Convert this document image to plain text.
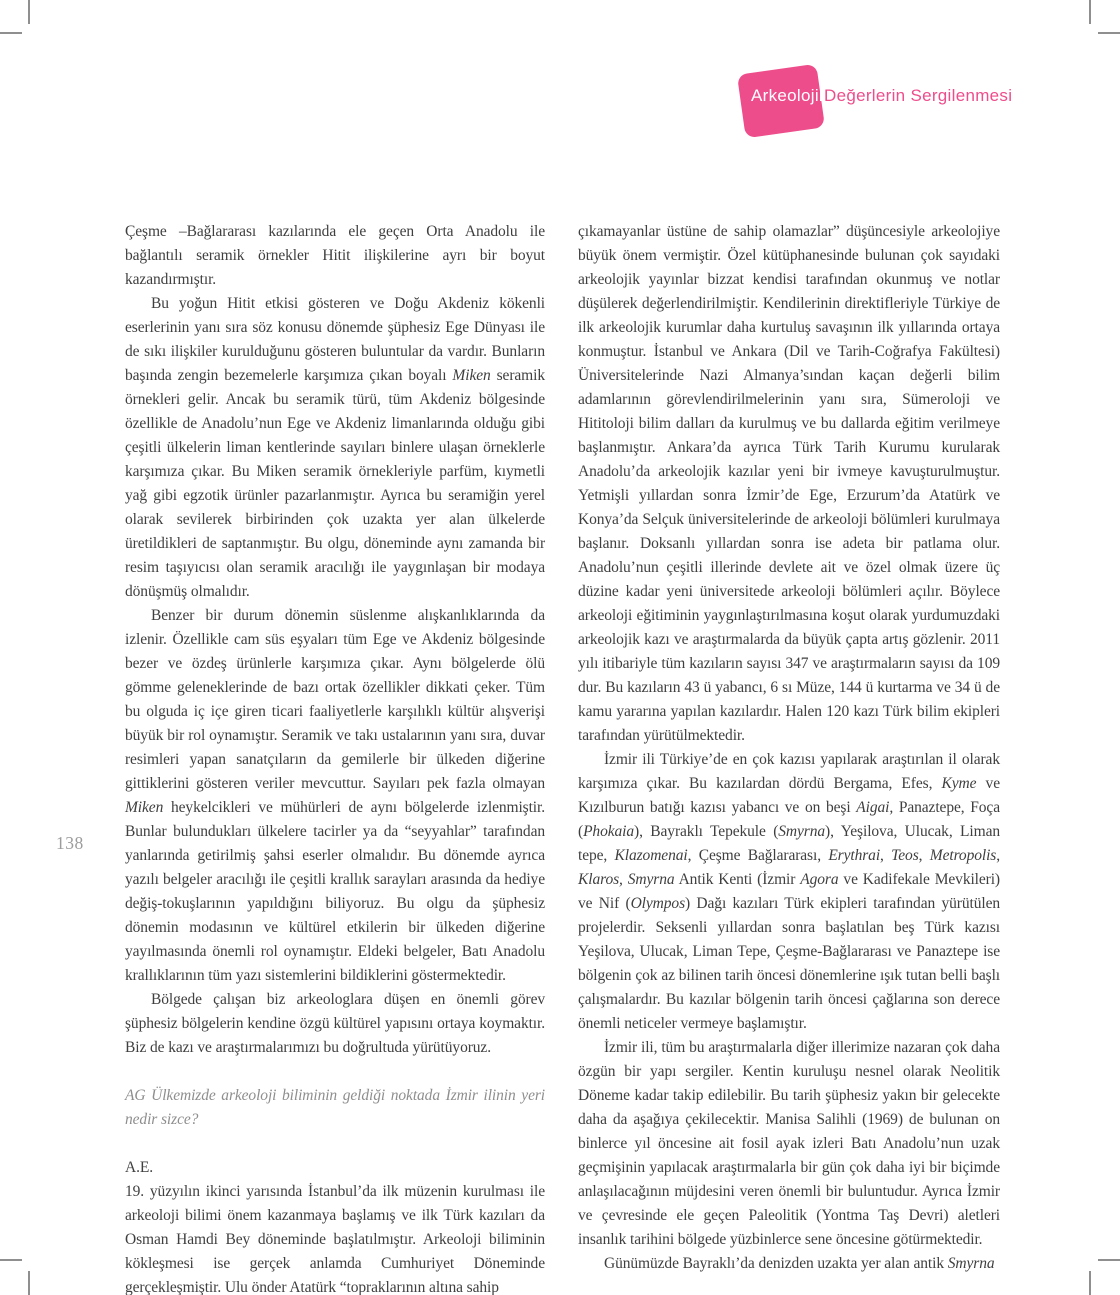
Arkeolojik
Değerlerin Sergilenmesi
138

Çeşme –Bağlararası kazılarında ele geçen Orta Anadolu ile bağlantılı seramik örnekler Hitit ilişkilerine ayrı bir boyut kazandırmıştır.

Bu yoğun Hitit etkisi gösteren ve Doğu Akdeniz kökenli eserlerinin yanı sıra söz konusu dönemde şüphesiz Ege Dünyası ile de sıkı ilişkiler kurulduğunu gösteren buluntular da vardır. Bunların başında zengin bezemelerle karşımıza çıkan boyalı Miken seramik örnekleri gelir. Ancak bu seramik türü, tüm Akdeniz bölgesinde özellikle de Anadolu’nun Ege ve Akdeniz limanlarında olduğu gibi çeşitli ülkelerin liman kentlerinde sayıları binlere ulaşan örneklerle karşımıza çıkar. Bu Miken seramik örnekleriyle parfüm, kıymetli yağ gibi egzotik ürünler pazarlanmıştır. Ayrıca bu seramiğin yerel olarak sevilerek birbirinden çok uzakta yer alan ülkelerde üretildikleri de saptanmıştır. Bu olgu, döneminde aynı zamanda bir resim taşıyıcısı olan seramik aracılığı ile yaygınlaşan bir modaya dönüşmüş olmalıdır.

Benzer bir durum dönemin süslenme alışkanlıklarında da izlenir. Özellikle cam süs eşyaları tüm Ege ve Akdeniz bölgesinde bezer ve özdeş ürünlerle karşımıza çıkar. Aynı bölgelerde ölü gömme geleneklerinde de bazı ortak özellikler dikkati çeker. Tüm bu olguda iç içe giren ticari faaliyetlerle karşılıklı kültür alışverişi büyük bir rol oynamıştır. Seramik ve takı ustalarının yanı sıra, duvar resimleri yapan sanatçıların da gemilerle bir ülkeden diğerine gittiklerini gösteren veriler mevcuttur. Sayıları pek fazla olmayan Miken heykelcikleri ve mühürleri de aynı bölgelerde izlenmiştir. Bunlar bulundukları ülkelere tacirler ya da “seyyahlar” tarafından yanlarında getirilmiş şahsi eserler olmalıdır. Bu dönemde ayrıca yazılı belgeler aracılığı ile çeşitli krallık sarayları arasında da hediye değiş-tokuşlarının yapıldığını biliyoruz. Bu olgu da şüphesiz dönemin modasının ve kültürel etkilerin bir ülkeden diğerine yayılmasında önemli rol oynamıştır. Eldeki belgeler, Batı Anadolu krallıklarının tüm yazı sistemlerini bildiklerini göstermektedir.

Bölgede çalışan biz arkeologlara düşen en önemli görev şüphesiz bölgelerin kendine özgü kültürel yapısını ortaya koymaktır. Biz de kazı ve araştırmalarımızı bu doğrultuda yürütüyoruz.

AG Ülkemizde arkeoloji biliminin geldiği noktada İzmir ilinin yeri nedir sizce?

A.E.

19. yüzyılın ikinci yarısında İstanbul’da ilk müzenin kurulması ile arkeoloji bilimi önem kazanmaya başlamış ve ilk Türk kazıları da Osman Hamdi Bey döneminde başlatılmıştır. Arkeoloji biliminin kökleşmesi ise gerçek anlamda Cumhuriyet Döneminde gerçekleşmiştir. Ulu önder Atatürk “topraklarının altına sahip

çıkamayanlar üstüne de sahip olamazlar” düşüncesiyle arkeolojiye büyük önem vermiştir. Özel kütüphanesinde bulunan çok sayıdaki arkeolojik yayınlar bizzat kendisi tarafından okunmuş ve notlar düşülerek değerlendirilmiştir. Kendilerinin direktifleriyle Türkiye de ilk arkeolojik kurumlar daha kurtuluş savaşının ilk yıllarında ortaya konmuştur. İstanbul ve Ankara (Dil ve Tarih-Coğrafya Fakültesi) Üniversitelerinde Nazi Almanya’sından kaçan değerli bilim adamlarının görevlendirilmelerinin yanı sıra, Sümeroloji ve Hititoloji bilim dalları da kurulmuş ve bu dallarda eğitim verilmeye başlanmıştır. Ankara’da ayrıca Türk Tarih Kurumu kurularak Anadolu’da arkeolojik kazılar yeni bir ivmeye kavuşturulmuştur. Yetmişli yıllardan sonra İzmir’de Ege, Erzurum’da Atatürk ve Konya’da Selçuk üniversitelerinde de arkeoloji bölümleri kurulmaya başlanır. Doksanlı yıllardan sonra ise adeta bir patlama olur. Anadolu’nun çeşitli illerinde devlete ait ve özel olmak üzere üç düzine kadar yeni üniversitede arkeoloji bölümleri açılır. Böylece arkeoloji eğitiminin yaygınlaştırılmasına koşut olarak yurdumuzdaki arkeolojik kazı ve araştırmalarda da büyük çapta artış gözlenir. 2011 yılı itibariyle tüm kazıların sayısı 347 ve araştırmaların sayısı da 109 dur. Bu kazıların 43 ü yabancı, 6 sı Müze, 144 ü kurtarma ve 34 ü de kamu yararına yapılan kazılardır. Halen 120 kazı Türk bilim ekipleri tarafından yürütülmektedir.

İzmir ili Türkiye’de en çok kazısı yapılarak araştırılan il olarak karşımıza çıkar. Bu kazılardan dördü Bergama, Efes, Kyme ve Kızılburun batığı kazısı yabancı ve on beşi Aigai, Panaztepe, Foça (Phokaia), Bayraklı Tepekule (Smyrna), Yeşilova, Ulucak, Liman tepe, Klazomenai, Çeşme Bağlararası, Erythrai, Teos, Metropolis, Klaros, Smyrna Antik Kenti (İzmir Agora ve Kadifekale Mevkileri) ve Nif (Olympos) Dağı kazıları Türk ekipleri tarafından yürütülen projelerdir. Seksenli yıllardan sonra başlatılan beş Türk kazısı Yeşilova, Ulucak, Liman Tepe, Çeşme-Bağlararası ve Panaztepe ise bölgenin çok az bilinen tarih öncesi dönemlerine ışık tutan belli başlı çalışmalardır. Bu kazılar bölgenin tarih öncesi çağlarına son derece önemli neticeler vermeye başlamıştır.

İzmir ili, tüm bu araştırmalarla diğer illerimize nazaran çok daha özgün bir yapı sergiler. Kentin kuruluşu nesnel olarak Neolitik Döneme kadar takip edilebilir. Bu tarih şüphesiz yakın bir gelecekte daha da aşağıya çekilecektir. Manisa Salihli (1969) de bulunan on binlerce yıl öncesine ait fosil ayak izleri Batı Anadolu’nun uzak geçmişinin yapılacak araştırmalarla bir gün çok daha iyi bir biçimde anlaşılacağının müjdesini veren önemli bir buluntudur. Ayrıca İzmir ve çevresinde ele geçen Paleolitik (Yontma Taş Devri) aletleri insanlık tarihini bölgede yüzbinlerce sene öncesine götürmektedir.

Günümüzde Bayraklı’da denizden uzakta yer alan antik Smyrna
